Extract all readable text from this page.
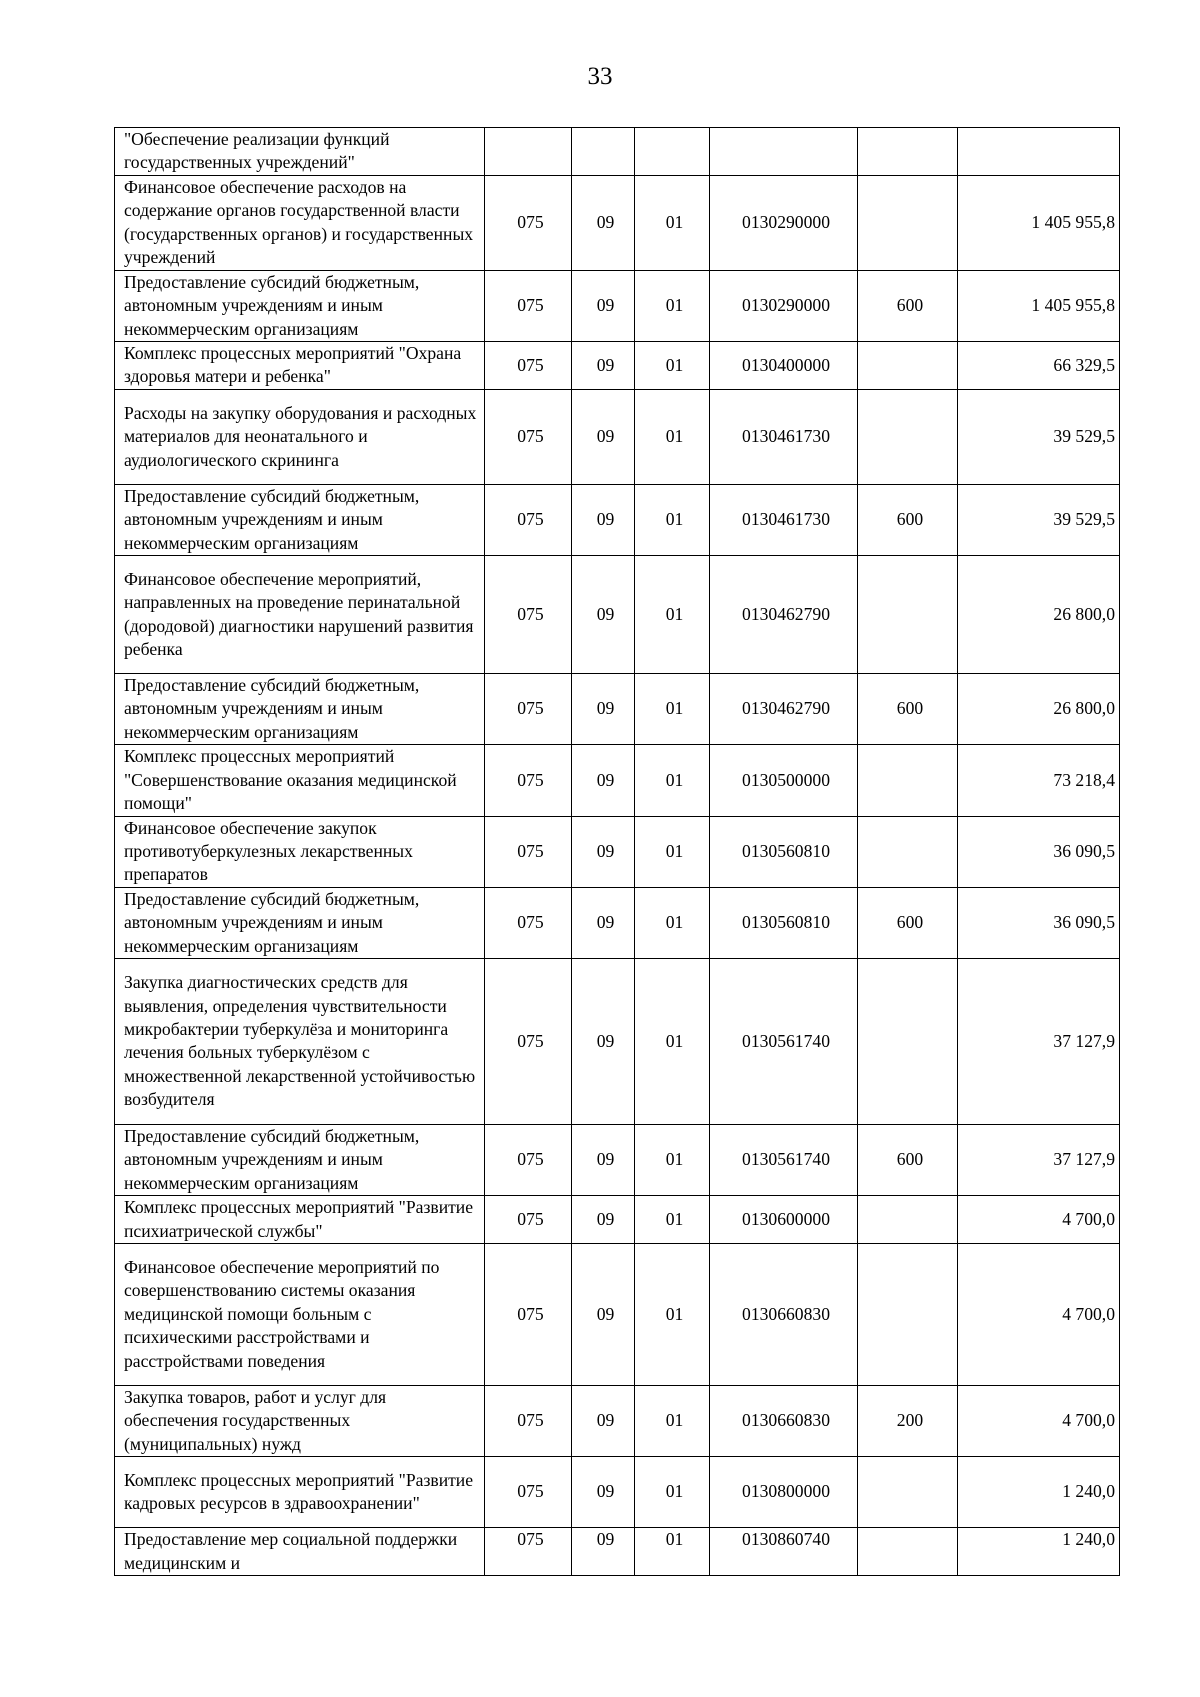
33
"Обеспечение реализации функций государственных учреждений"						
Финансовое обеспечение расходов на содержание органов государственной власти (государственных органов) и государственных учреждений	075	09	01	0130290000		1 405 955,8
Предоставление субсидий бюджетным, автономным учреждениям и иным некоммерческим организациям	075	09	01	0130290000	600	1 405 955,8
Комплекс процессных мероприятий "Охрана здоровья матери и ребенка"	075	09	01	0130400000		66 329,5
Расходы на закупку оборудования и расходных материалов для неонатального и аудиологического скрининга	075	09	01	0130461730		39 529,5
Предоставление субсидий бюджетным, автономным учреждениям и иным некоммерческим организациям	075	09	01	0130461730	600	39 529,5
Финансовое обеспечение мероприятий, направленных на проведение перинатальной (дородовой) диагностики нарушений развития ребенка	075	09	01	0130462790		26 800,0
Предоставление субсидий бюджетным, автономным учреждениям и иным некоммерческим организациям	075	09	01	0130462790	600	26 800,0
Комплекс процессных мероприятий "Совершенствование оказания медицинской помощи"	075	09	01	0130500000		73 218,4
Финансовое обеспечение закупок противотуберкулезных лекарственных препаратов	075	09	01	0130560810		36 090,5
Предоставление субсидий бюджетным, автономным учреждениям и иным некоммерческим организациям	075	09	01	0130560810	600	36 090,5
Закупка диагностических средств для выявления, определения чувствительности микробактерии туберкулёза и мониторинга лечения больных туберкулёзом с множественной лекарственной устойчивостью возбудителя	075	09	01	0130561740		37 127,9
Предоставление субсидий бюджетным, автономным учреждениям и иным некоммерческим организациям	075	09	01	0130561740	600	37 127,9
Комплекс процессных мероприятий "Развитие психиатрической службы"	075	09	01	0130600000		4 700,0
Финансовое обеспечение мероприятий по совершенствованию системы оказания медицинской помощи больным с психическими расстройствами и расстройствами поведения	075	09	01	0130660830		4 700,0
Закупка товаров, работ и услуг для обеспечения государственных (муниципальных) нужд	075	09	01	0130660830	200	4 700,0
Комплекс процессных мероприятий "Развитие кадровых ресурсов в здравоохранении"	075	09	01	0130800000		1 240,0
Предоставление мер социальной поддержки медицинским и	075	09	01	0130860740		1 240,0
